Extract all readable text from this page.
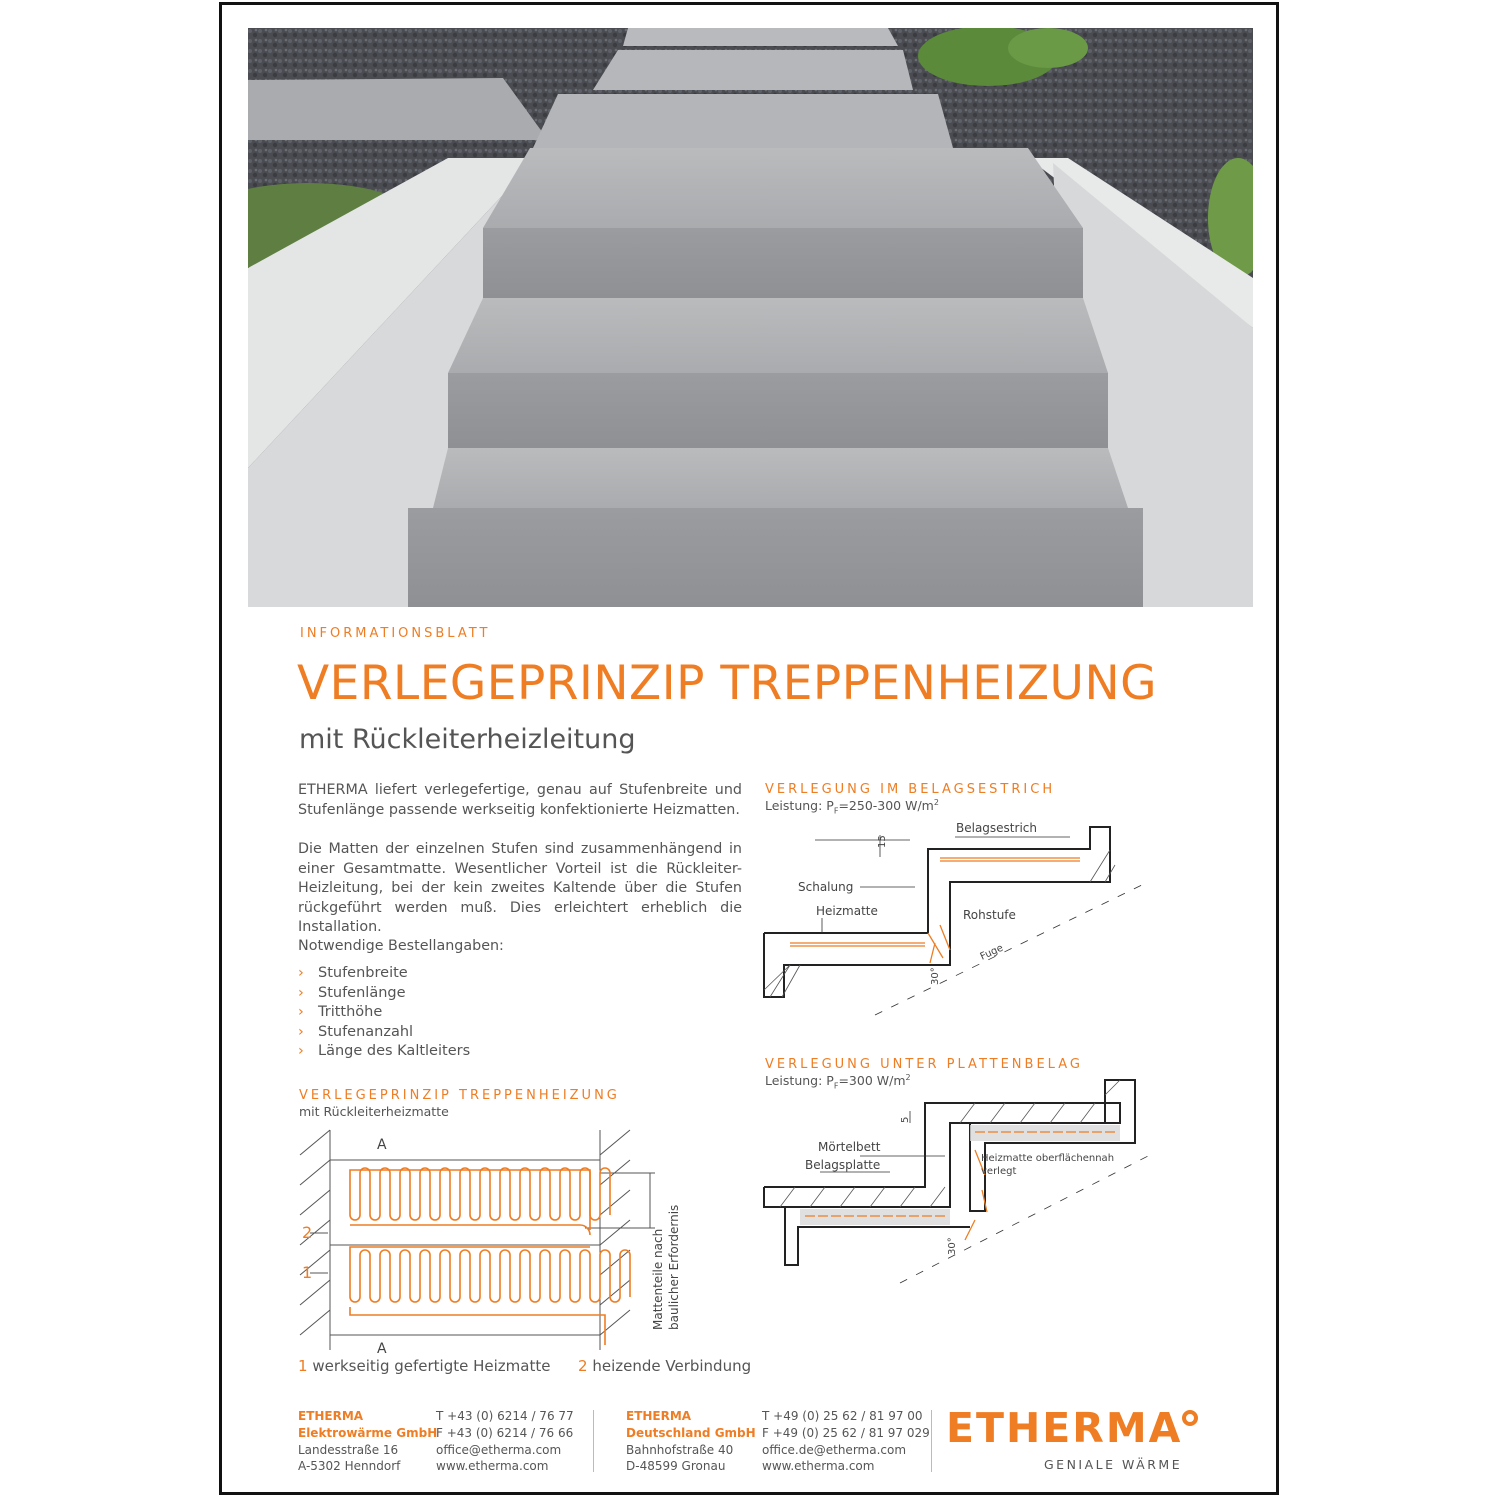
INFORMATIONSBLATT
VERLEGEPRINZIP TREPPENHEIZUNG
mit Rückleiterheizleitung
ETHERMA liefert verlegefertige, genau auf Stufenbreite und Stufenlänge passende werkseitig konfektionierte Heizmatten.
Die Matten der einzelnen Stufen sind zusammenhängend in einer Gesamtmatte. Wesentlicher Vorteil ist die Rückleiter-Heizleitung, bei der kein zweites Kaltende über die Stufen rückgeführt werden muß. Dies erleichtert erheblich die Installation.
Notwendige Bestellangaben:
› Stufenbreite
› Stufenlänge
› Tritthöhe
› Stufenanzahl
› Länge des Kaltleiters
VERLEGEPRINZIP TREPPENHEIZUNG
mit Rückleiterheizmatte
A
A
2
1	Mattenteile nach baulicher Erfordernis
1 werkseitig gefertigte Heizmatte 2 heizende Verbindung
VERLEGUNG IM BELAGSESTRICH
Leistung: $P_F=250-300$ $W/m^2$
Belagsestrich
Schalung
Heizmatte	Rohstufe
Fuge
15
30°
VERLEGUNG UNTER PLATTENBELAG
Leistung: $P_F=300$ $W/m^2$
Mörtelbett
Belagsplatte	Heizmatte oberflächennah
verlegt
5
30°
ETHERMA
Elektrowärme GmbH
Landesstraße 16
A-5302 Henndorf
T +43 (0) 6214 / 76 77
F +43 (0) 6214 / 76 66
office@etherma.com
www.etherma.com
ETHERMA
Deutschland GmbH
Bahnhofstraße 40
D-48599 Gronau
T +49 (0) 25 62 / 81 97 00
F +49 (0) 25 62 / 81 97 029
office.de@etherma.com
www.etherma.com
ETHERMA
GENIALE WÄRME
